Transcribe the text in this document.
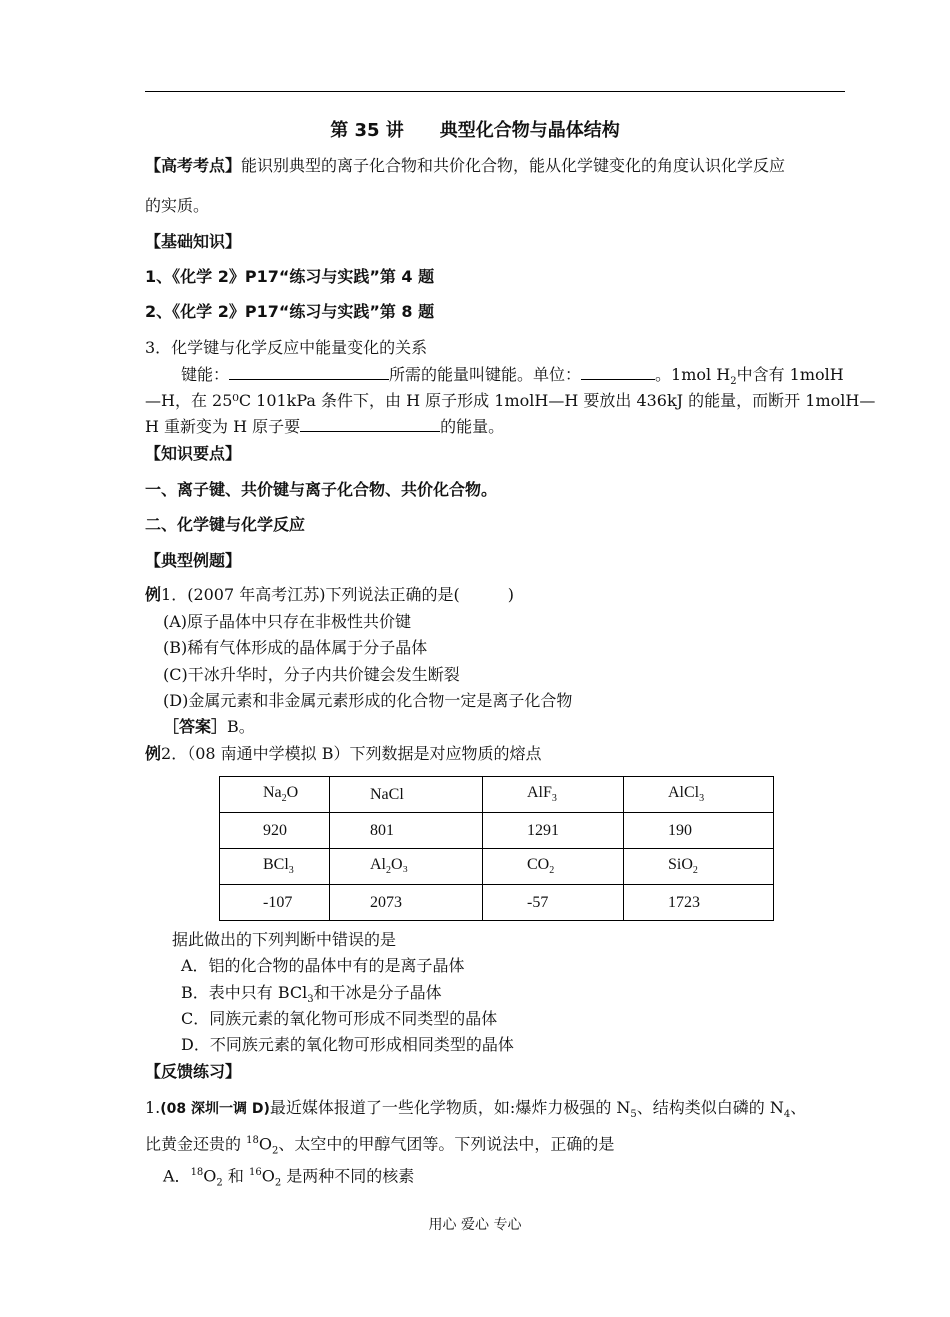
第 35 讲 典型化合物与晶体结构
【高考考点】能识别典型的离子化合物和共价化合物，能从化学键变化的角度认识化学反应
的实质。
【基础知识】
1、《化学 2》P17“练习与实践”第 4 题
2、《化学 2》P17“练习与实践”第 8 题
3．化学键与化学反应中能量变化的关系
键能：	所需的能量叫键能。单位：	。1mol $H_2$中含有 1molH
—H，在 25⁰C 101kPa 条件下，由 H 原子形成 1molH—H 要放出 436kJ 的能量，而断开 1molH—
H 重新变为 H 原子要	的能量。
【知识要点】
一、离子键、共价键与离子化合物、共价化合物。
二、化学键与化学反应
【典型例题】
例1．(2007 年高考江苏)下列说法正确的是(　　　)
(A)原子晶体中只存在非极性共价键
(B)稀有气体形成的晶体属于分子晶体
(C)干冰升华时，分子内共价键会发生断裂
(D)金属元素和非金属元素形成的化合物一定是离子化合物
［答案］B。
例2．（08 南通中学模拟 B）下列数据是对应物质的熔点
$Na_2O$	NaCl	AlF$_3$	AlCl$_3$
920	801	1291	190
BCl$_3$	$Al_2O_3$	$CO_2$	SiO$_2$
-107	2073	-57	1723
据此做出的下列判断中错误的是
A．铝的化合物的晶体中有的是离子晶体
B．表中只有 BCl$_3$和干冰是分子晶体
C．同族元素的氧化物可形成不同类型的晶体
D．不同族元素的氧化物可形成相同类型的晶体
【反馈练习】
1.(08 深圳一调 D)最近媒体报道了一些化学物质，如:爆炸力极强的 $N_5$、结构类似白磷的 $N_4$、
比黄金还贵的 $^{18}O_2$、太空中的甲醇气团等。下列说法中，正确的是
A．$^{18}O_2$ 和 $^{16}O_2$ 是两种不同的核素
用心 爱心 专心
